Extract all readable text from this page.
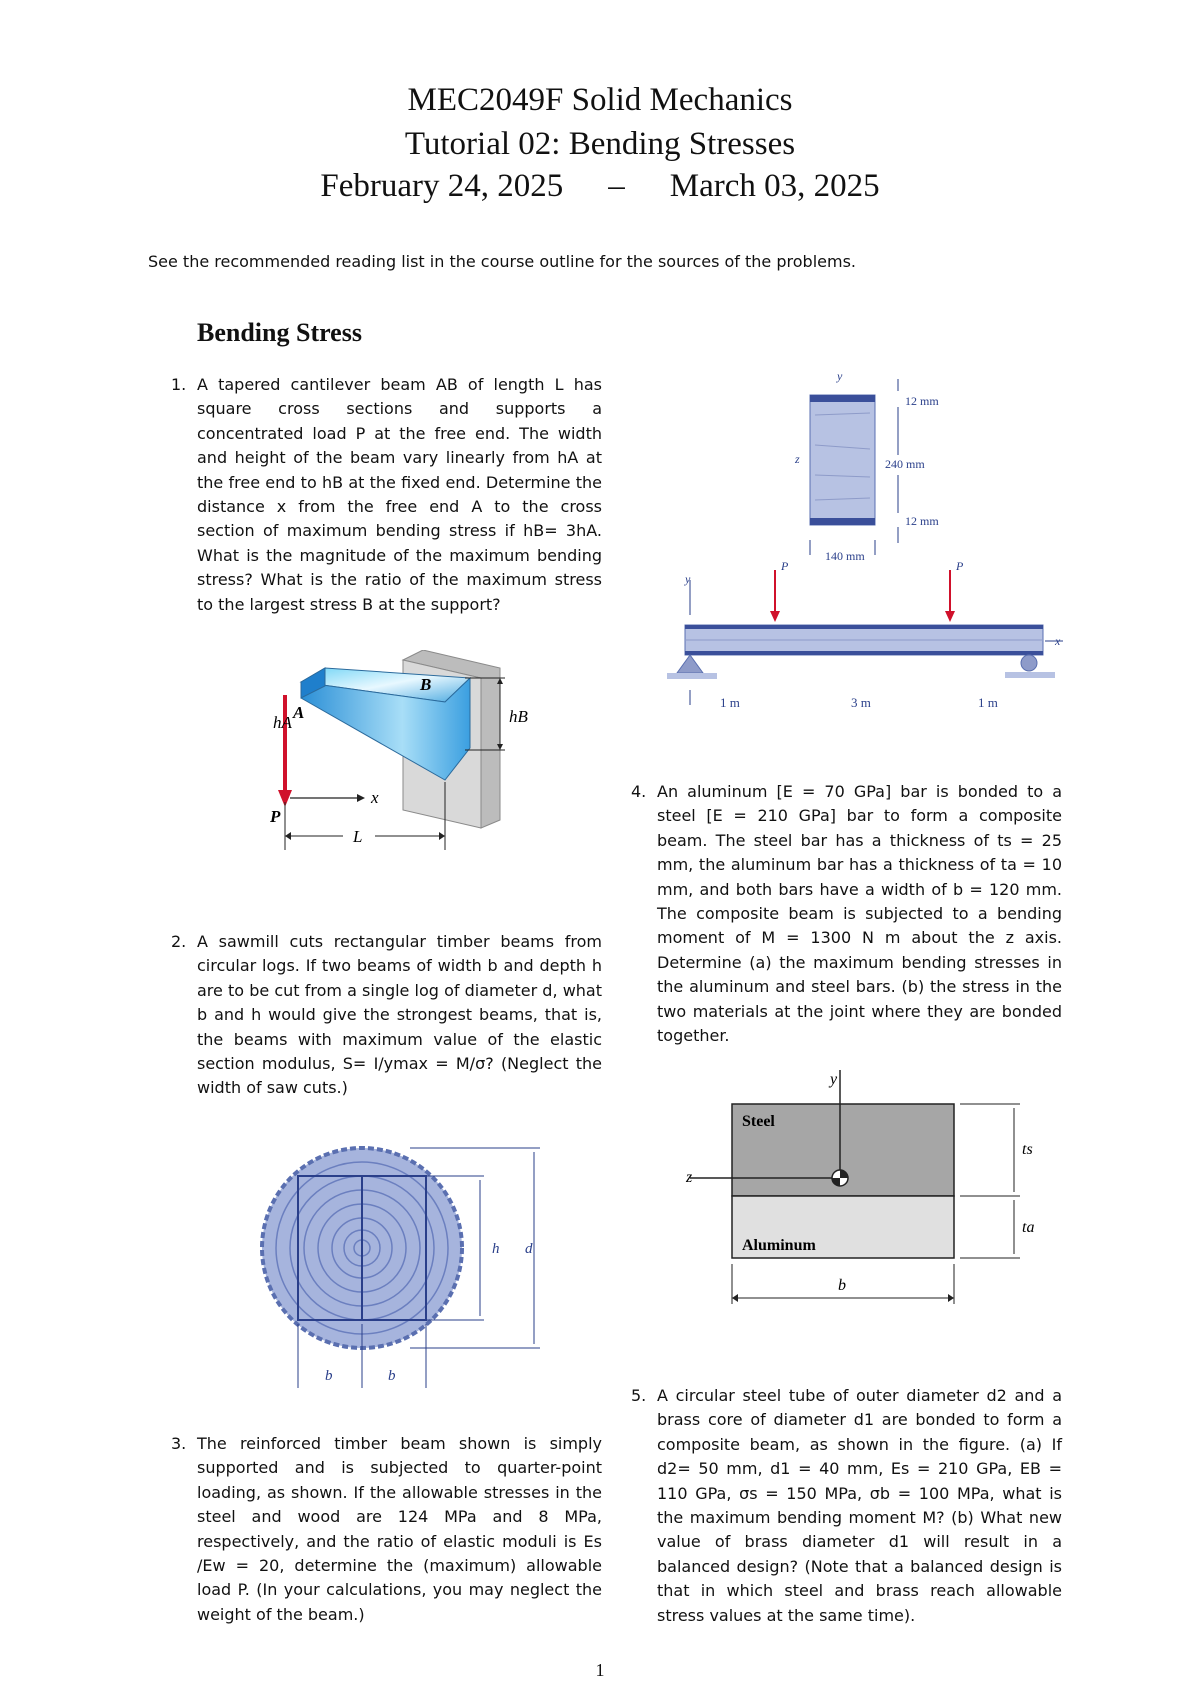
MEC2049F Solid Mechanics
Tutorial 02: Bending Stresses
February 24, 2025 – March 03, 2025
See the recommended reading list in the course outline for the sources of the problems.
Bending Stress
1. A tapered cantilever beam AB of length L has square cross sections and supports a concentrated load P at the free end. The width and height of the beam vary linearly from hA at the free end to hB at the fixed end. Determine the distance x from the free end A to the cross section of maximum bending stress if hB= 3hA. What is the magnitude of the maximum bending stress? What is the ratio of the maximum stress to the largest stress B at the support?
A
B
hA	hB
P
x
L
2. A sawmill cuts rectangular timber beams from circular logs. If two beams of width b and depth h are to be cut from a single log of diameter d, what b and h would give the strongest beams, that is, the beams with maximum value of the elastic section modulus, S= I/ymax = M/σ? (Neglect the width of saw cuts.)
h d
b	b
3. The reinforced timber beam shown is simply supported and is subjected to quarter-point loading, as shown. If the allowable stresses in the steel and wood are 124 MPa and 8 MPa, respectively, and the ratio of elastic moduli is Es /Ew = 20, determine the (maximum) allowable load P. (In your calculations, you may neglect the weight of the beam.)
y
z
12 mm
240 mm
12 mm
140 mm
P	P
y
x
1 m	3 m	1 m
4. An aluminum [E = 70 GPa] bar is bonded to a steel [E = 210 GPa] bar to form a composite beam. The steel bar has a thickness of ts = 25 mm, the aluminum bar has a thickness of ta = 10 mm, and both bars have a width of b = 120 mm. The composite beam is subjected to a bending moment of M = 1300 N m about the z axis. Determine (a) the maximum bending stresses in the aluminum and steel bars. (b) the stress in the two materials at the joint where they are bonded together.
y
z
Steel
Aluminum
ts
ta
b
5. A circular steel tube of outer diameter d2 and a brass core of diameter d1 are bonded to form a composite beam, as shown in the figure. (a) If d2= 50 mm, d1 = 40 mm, Es = 210 GPa, EB = 110 GPa, σs = 150 MPa, σb = 100 MPa, what is the maximum bending moment M? (b) What new value of brass diameter d1 will result in a balanced design? (Note that a balanced design is that in which steel and brass reach allowable stress values at the same time).
1
